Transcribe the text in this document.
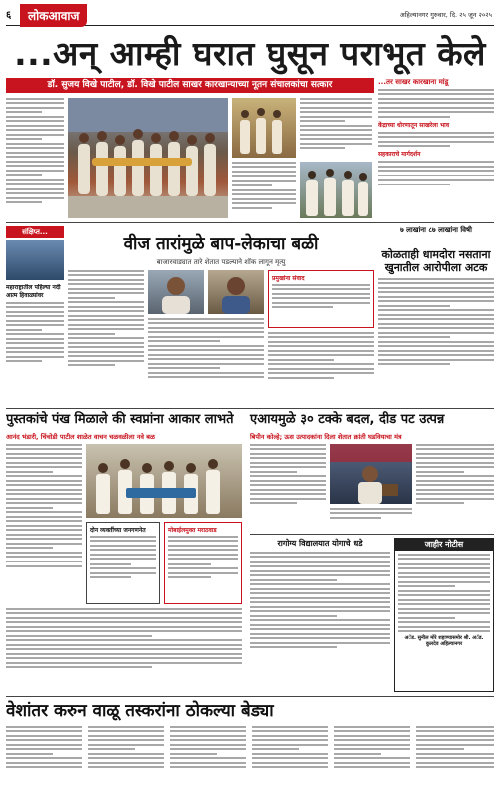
६	लोकआवाज	अहिल्यानगर गुरुवार, दि. २५ जून २०२५
...अन् आम्ही घरात घुसून पराभूत केले
डॉ. सुजय विखे पाटील, डॉ. विखे पाटील साखर कारखान्याच्या नूतन संचालकांचा सत्कार	...तर साखर कारखाना मांडू
केंद्राच्या धोरणातून साखरेला भाव
सहकाराचे मार्गदर्शन
संक्षिप्त...
महाराष्ट्रातील पहिल्या नदी आत्म हिवाळ्यांवर
वीज तारांमुळे बाप-लेकाचा बळी
बाजारवाड्यात तारे शेतात पडल्याने शॉक लागून मृत्यु
प्रमुखांना संवाद
७ लाखांना ८७ लाखांना विषी
कोळताही धामदोरा नसताना खुनातील आरोपीला अटक
पुस्तकांचे पंख मिळाले की स्वप्नांना आकार लाभते
आनंद भंडारी, चिंचोडी पाटील शाळेत वाचन चळवळीला नवे बळ
दोन व्यक्तींच्या जनगणनेत	मोबाईलमुक्त मराठवाड
एआयमुळे ३० टक्के बदल, दीड पट उत्पन्न
बिपीन कोल्हे; ऊस उत्पादकांना दिला शेतात क्रांती घडवियाचा मंत्र
रागोग्य विद्यालयात योगाचे धडे	जाहीर नोटीस
अॅड. सुनील मोरे शहाण्यासमोर श्री. अॅड. कुलदेव अहिल्यानगर
वेशांतर करुन वाळू तस्करांना ठोकल्या बेड्या
